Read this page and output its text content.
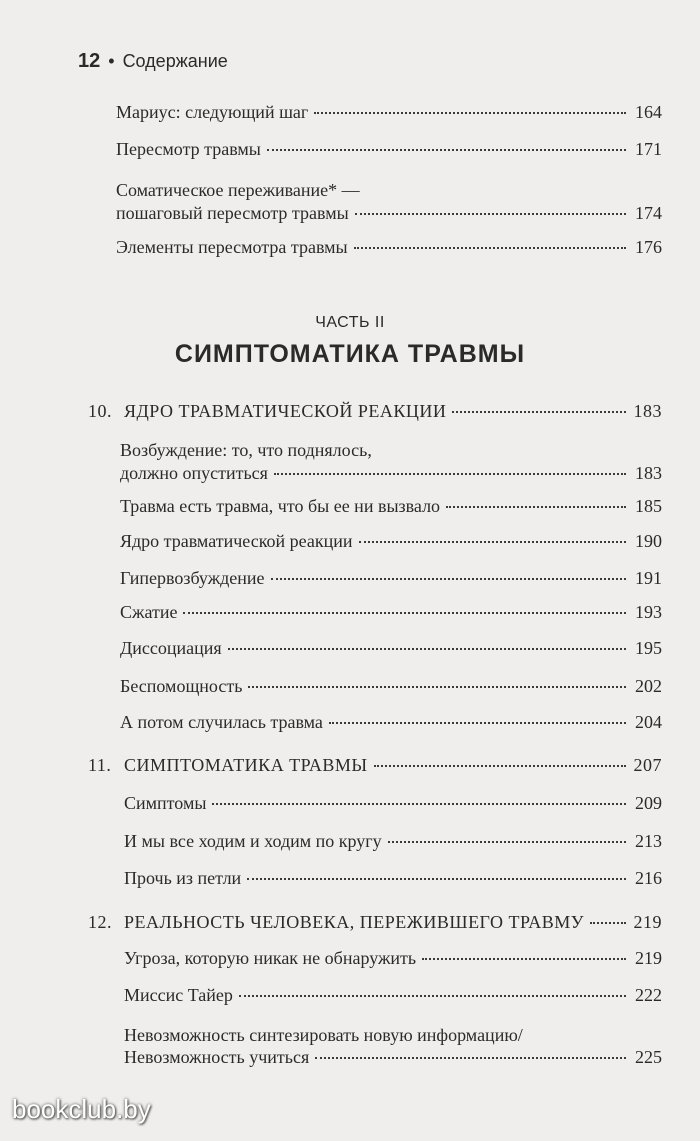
12 • Содержание
Мариус: следующий шаг	164
Пересмотр травмы	171
Соматическое переживание* —
пошаговый пересмотр травмы	174
Элементы пересмотра травмы	176
ЧАСТЬ II
СИМПТОМАТИКА ТРАВМЫ
10. ЯДРО ТРАВМАТИЧЕСКОЙ РЕАКЦИИ	183
Возбуждение: то, что поднялось,
должно опуститься	183
Травма есть травма, что бы ее ни вызвало	185
Ядро травматической реакции	190
Гипервозбуждение	191
Сжатие	193
Диссоциация	195
Беспомощность	202
А потом случилась травма	204
11. СИМПТОМАТИКА ТРАВМЫ	207
Симптомы	209
И мы все ходим и ходим по кругу	213
Прочь из петли	216
12. РЕАЛЬНОСТЬ ЧЕЛОВЕКА, ПЕРЕЖИВШЕГО ТРАВМУ	219
Угроза, которую никак не обнаружить	219
Миссис Тайер	222
Невозможность синтезировать новую информацию/
Невозможность учиться	225
bookclub.by
